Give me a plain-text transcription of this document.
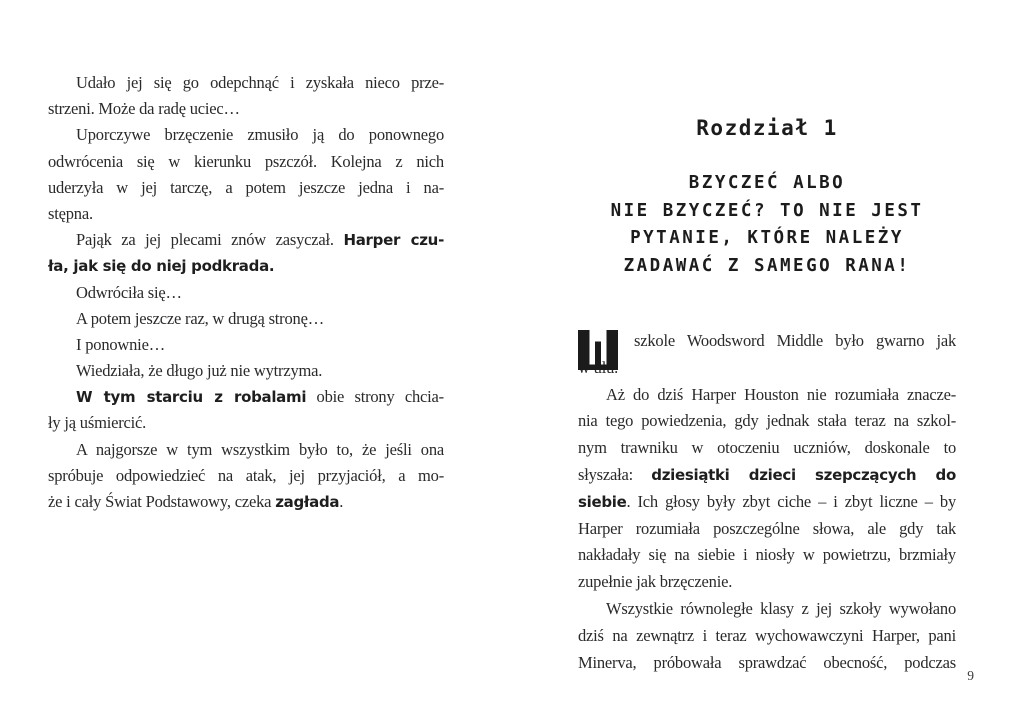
Udało jej się go odepchnąć i zyskała nieco prze-
strzeni. Może da radę uciec…
Uporczywe brzęczenie zmusiło ją do ponownego
odwrócenia się w kierunku pszczół. Kolejna z nich
uderzyła w jej tarczę, a potem jeszcze jedna i na-
stępna.
Pająk za jej plecami znów zasyczał. Harper czu-
ła, jak się do niej podkrada.
Odwróciła się…
A potem jeszcze raz, w drugą stronę…
I ponownie…
Wiedziała, że długo już nie wytrzyma.
W tym starciu z robalami obie strony chcia-
ły ją uśmiercić.
A najgorsze w tym wszystkim było to, że jeśli ona
spróbuje odpowiedzieć na atak, jej przyjaciół, a mo-
że i cały Świat Podstawowy, czeka zagłada.
Rozdział 1
BZYCZEĆ ALBO
NIE BZYCZEĆ? TO NIE JEST
PYTANIE, KTÓRE NALEŻY
ZADAWAĆ Z SAMEGO RANA!
szkole Woodsword Middle było gwarno jak
Aż do dziś Harper Houston nie rozumiała znacze-
nia tego powiedzenia, gdy jednak stała teraz na szkol-
nym trawniku w otoczeniu uczniów, doskonale to
słyszała: dziesiątki dzieci szepczących do
siebie. Ich głosy były zbyt ciche – i zbyt liczne – by
Harper rozumiała poszczególne słowa, ale gdy tak
nakładały się na siebie i niosły w powietrzu, brzmiały
zupełnie jak brzęczenie.
Wszystkie równoległe klasy z jej szkoły wywołano
dziś na zewnątrz i teraz wychowawczyni Harper, pani
Minerva, próbowała sprawdzać obecność, podczas
9
